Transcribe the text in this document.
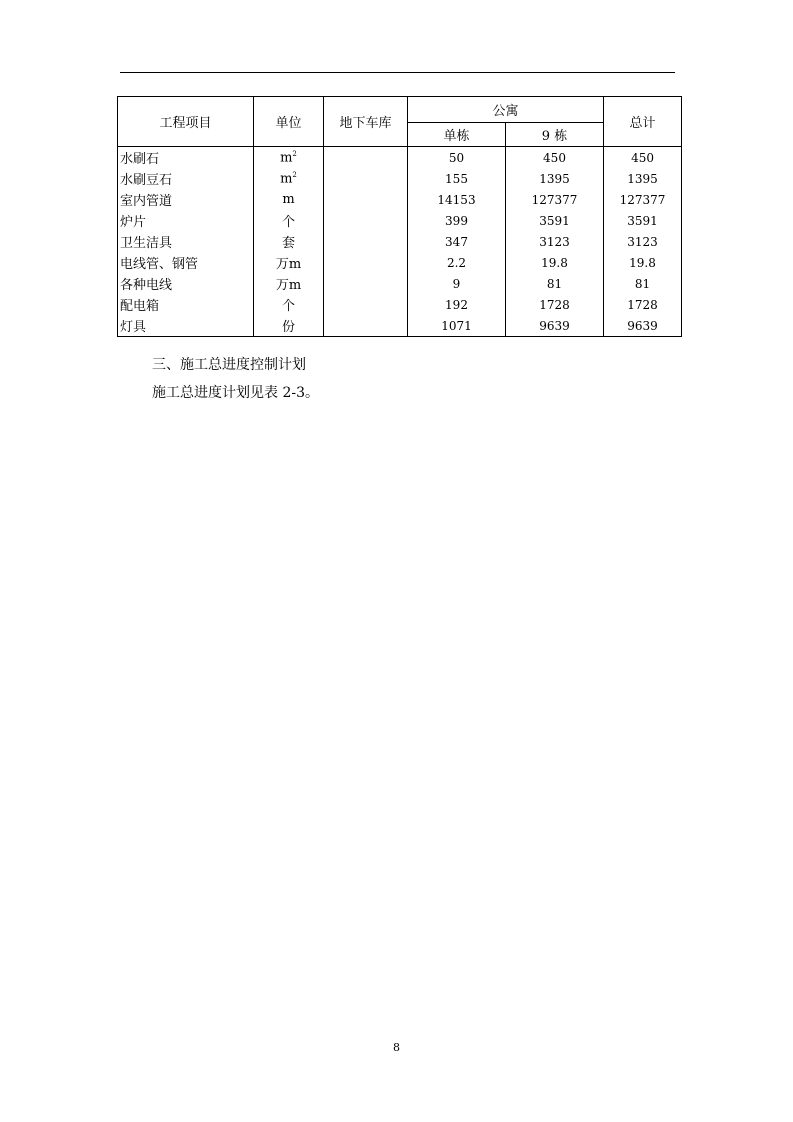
工程项目	单位	地下车库	公寓		总计
			单栋	9 栋	
水刷石	$m^2$		50	450	450
水刷豆石	$m^2$		155	1395	1395
室内管道	m		14153	127377	127377
炉片	个		399	3591	3591
卫生洁具	套		347	3123	3123
电线管、钢管	万m		2.2	19.8	19.8
各种电线	万m		9	81	81
配电箱	个		192	1728	1728
灯具	份		1071	9639	9639
三、施工总进度控制计划
施工总进度计划见表 2-3。
8
